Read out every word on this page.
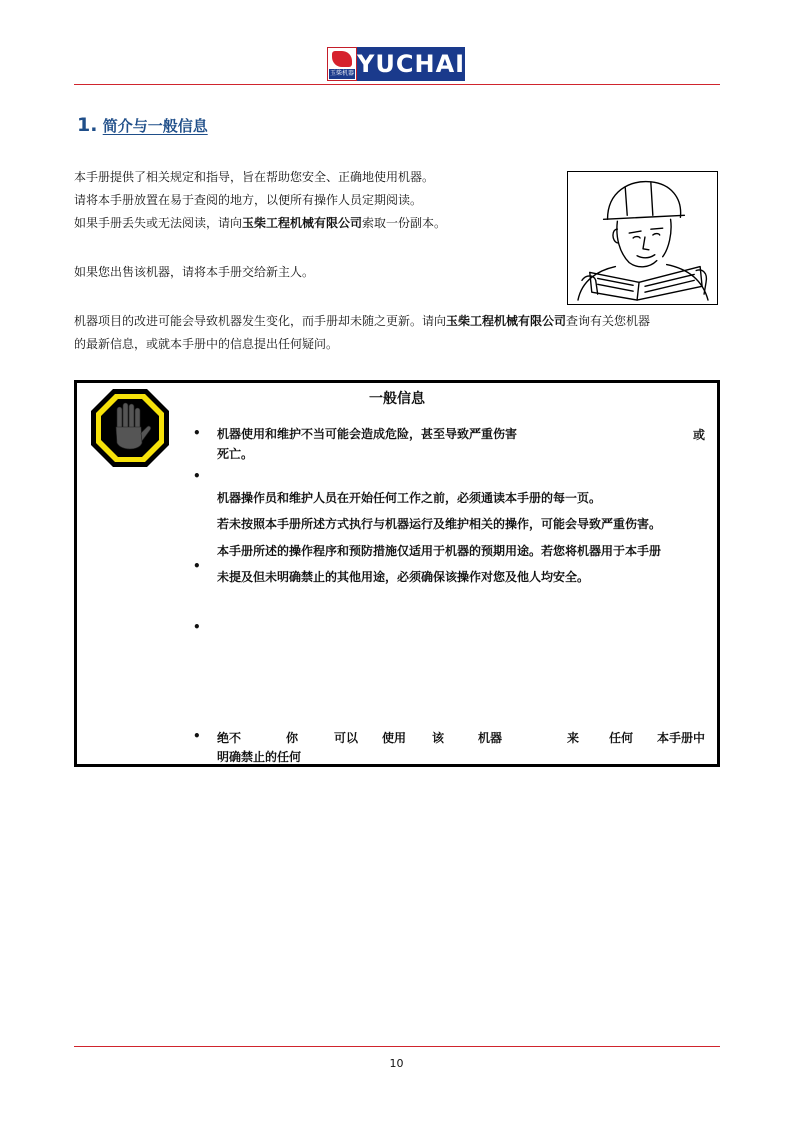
玉柴机器 YUCHAI
1. 简介与一般信息

本手册提供了相关规定和指导，旨在帮助您安全、正确地使用机器。

请将本手册放置在易于查阅的地方，以便所有操作人员定期阅读。

如果手册丢失或无法阅读，请向玉柴工程机械有限公司索取一份副本。

如果您出售该机器，请将本手册交给新主人。

机器项目的改进可能会导致机器发生变化，而手册却未随之更新。请向玉柴工程机械有限公司查询有关您机器

的最新信息，或就本手册中的信息提出任何疑问。

一般信息
• 机器使用和维护不当可能会造成危险，甚至导致严重伤害	或

死亡。

•

机器操作员和维护人员在开始任何工作之前，必须通读本手册的每一页。

若未按照本手册所述方式执行与机器运行及维护相关的操作，可能会导致严重伤害。

本手册所述的操作程序和预防措施仅适用于机器的预期用途。若您将机器用于本手册

未提及但未明确禁止的其他用途，必须确保该操作对您及他人均安全。

•
•
• 绝不	你	可以 使用 该	机器	来 任何 本手册中

明确禁止的任何

10
